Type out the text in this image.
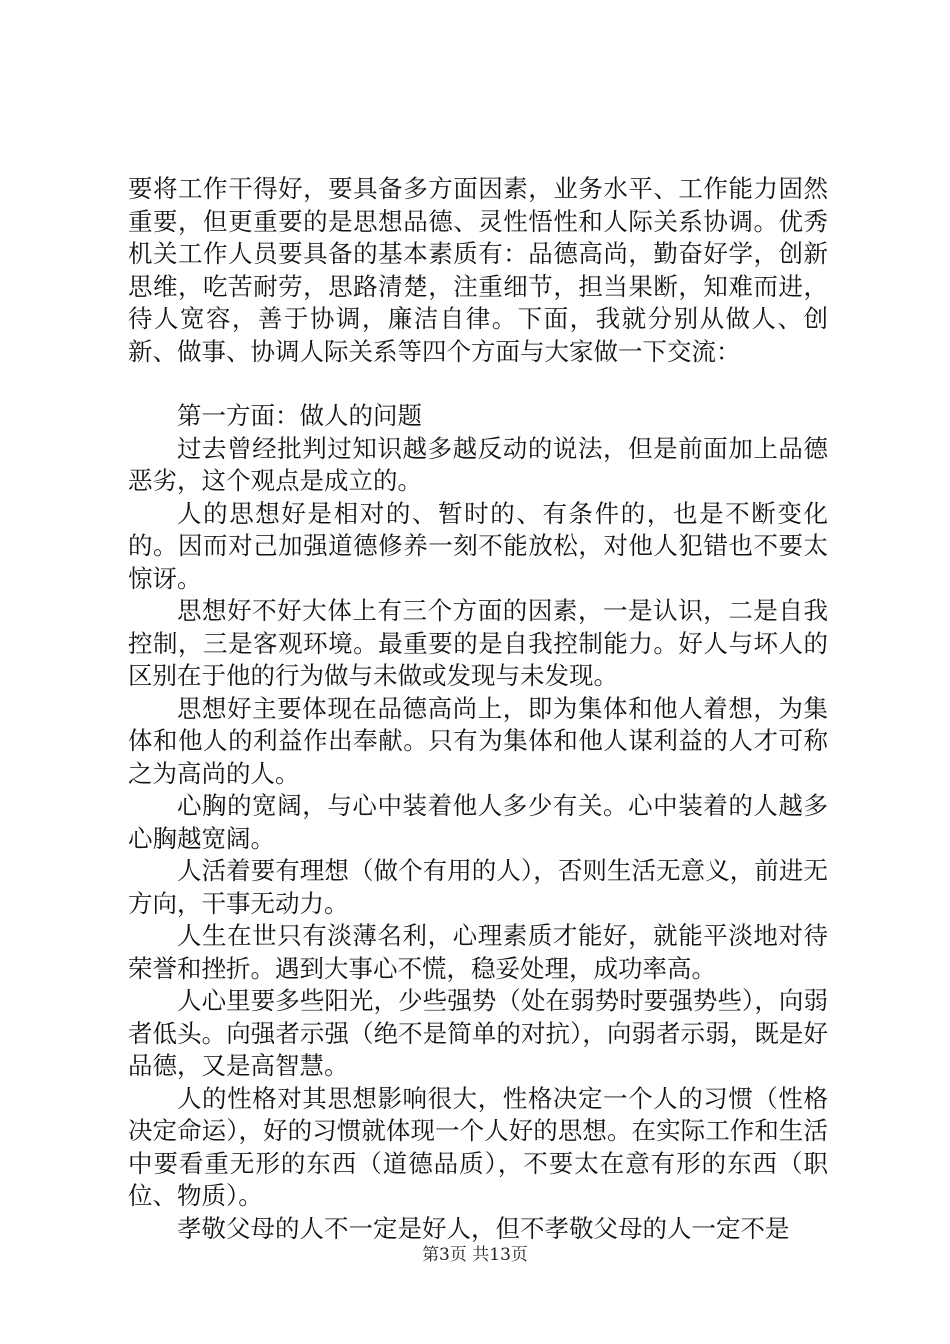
要将工作干得好，要具备多方面因素，业务水平、工作能力固然重要，但更重要的是思想品德、灵性悟性和人际关系协调。优秀机关工作人员要具备的基本素质有：品德高尚，勤奋好学，创新思维，吃苦耐劳，思路清楚，注重细节，担当果断，知难而进，待人宽容，善于协调，廉洁自律。下面，我就分别从做人、创新、做事、协调人际关系等四个方面与大家做一下交流：

第一方面：做人的问题

过去曾经批判过知识越多越反动的说法，但是前面加上品德恶劣，这个观点是成立的。

人的思想好是相对的、暂时的、有条件的，也是不断变化的。因而对己加强道德修养一刻不能放松，对他人犯错也不要太惊讶。

思想好不好大体上有三个方面的因素，一是认识，二是自我控制，三是客观环境。最重要的是自我控制能力。好人与坏人的区别在于他的行为做与未做或发现与未发现。

思想好主要体现在品德高尚上，即为集体和他人着想，为集体和他人的利益作出奉献。只有为集体和他人谋利益的人才可称之为高尚的人。

心胸的宽阔，与心中装着他人多少有关。心中装着的人越多心胸越宽阔。

人活着要有理想（做个有用的人），否则生活无意义，前进无方向，干事无动力。

人生在世只有淡薄名利，心理素质才能好，就能平淡地对待荣誉和挫折。遇到大事心不慌，稳妥处理，成功率高。

人心里要多些阳光，少些强势（处在弱势时要强势些），向弱者低头。向强者示强（绝不是简单的对抗），向弱者示弱，既是好品德，又是高智慧。

人的性格对其思想影响很大，性格决定一个人的习惯（性格决定命运），好的习惯就体现一个人好的思想。在实际工作和生活中要看重无形的东西（道德品质），不要太在意有形的东西（职位、物质）。

孝敬父母的人不一定是好人，但不孝敬父母的人一定不是

第3页 共13页
